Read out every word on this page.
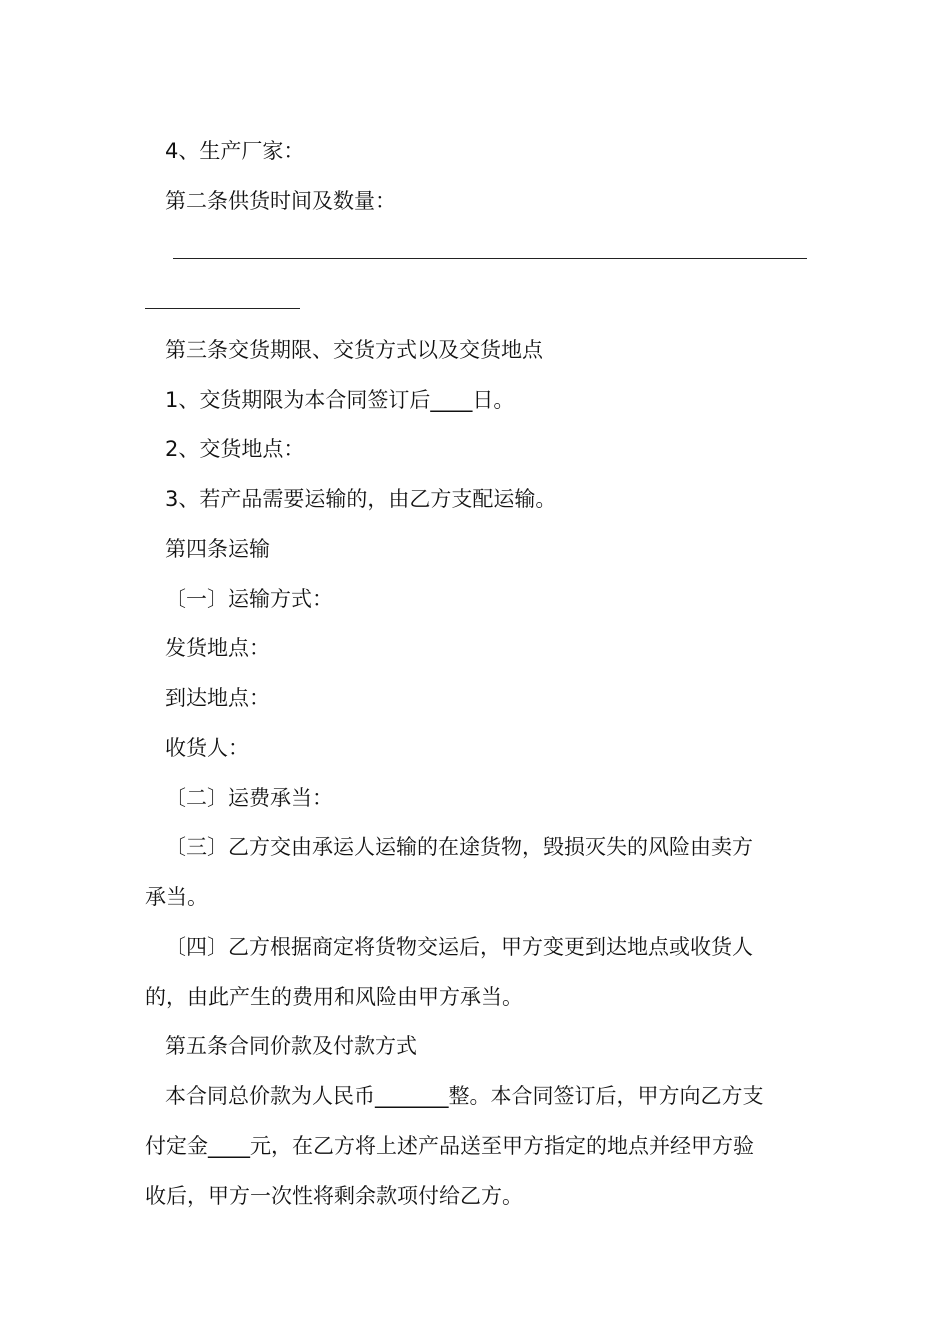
4、生产厂家：
第二条供货时间及数量：
第三条交货期限、交货方式以及交货地点
1、交货期限为本合同签订后____日。
2、交货地点：
3、若产品需要运输的，由乙方支配运输。
第四条运输
〔一〕运输方式：
发货地点：
到达地点：
收货人：
〔二〕运费承当：
〔三〕乙方交由承运人运输的在途货物，毁损灭失的风险由卖方
承当。
〔四〕乙方根据商定将货物交运后，甲方变更到达地点或收货人
的，由此产生的费用和风险由甲方承当。
第五条合同价款及付款方式
本合同总价款为人民币_______整。本合同签订后，甲方向乙方支
付定金____元，在乙方将上述产品送至甲方指定的地点并经甲方验
收后，甲方一次性将剩余款项付给乙方。
